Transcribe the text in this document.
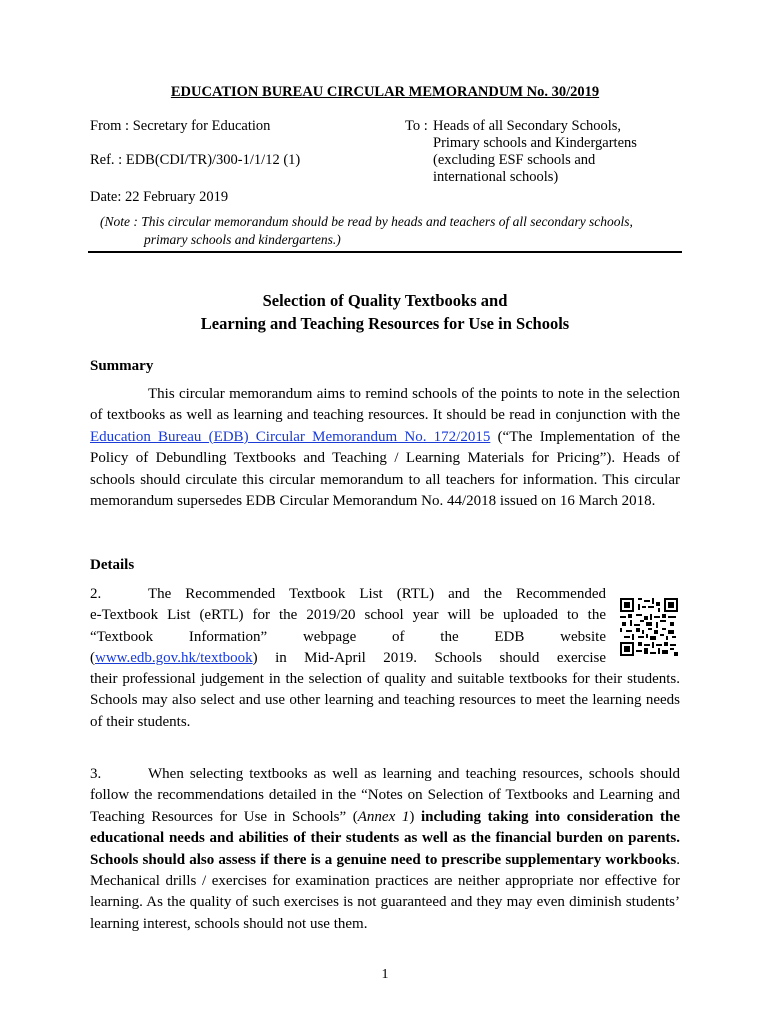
EDUCATION BUREAU CIRCULAR MEMORANDUM No. 30/2019
From : Secretary for Education
Ref. : EDB(CDI/TR)/300-1/1/12 (1)
Date: 22 February 2019
To : Heads of all Secondary Schools,
Primary schools and Kindergartens
(excluding ESF schools and
international schools)
(Note : This circular memorandum should be read by heads and teachers of all secondary schools,
primary schools and kindergartens.)
Selection of Quality Textbooks and
Learning and Teaching Resources for Use in Schools
Summary
This circular memorandum aims to remind schools of the points to note in the selection of textbooks as well as learning and teaching resources. It should be read in conjunction with the Education Bureau (EDB) Circular Memorandum No. 172/2015 (“The Implementation of the Policy of Debundling Textbooks and Teaching / Learning Materials for Pricing”). Heads of schools should circulate this circular memorandum to all teachers for information. This circular memorandum supersedes EDB Circular Memorandum No. 44/2018 issued on 16 March 2018.
Details
2.	The Recommended Textbook List (RTL) and the Recommended
e-Textbook List (eRTL) for the 2019/20 school year will be uploaded to the
“Textbook Information” webpage of the EDB website
(www.edb.gov.hk/textbook) in Mid-April 2019. Schools should exercise
their professional judgement in the selection of quality and suitable textbooks for their students. Schools may also select and use other learning and teaching resources to meet the learning needs of their students.
3.	When selecting textbooks as well as learning and teaching resources, schools should follow the recommendations detailed in the “Notes on Selection of Textbooks and Learning and Teaching Resources for Use in Schools” (Annex 1) including taking into consideration the educational needs and abilities of their students as well as the financial burden on parents. Schools should also assess if there is a genuine need to prescribe supplementary workbooks. Mechanical drills / exercises for examination practices are neither appropriate nor effective for learning. As the quality of such exercises is not guaranteed and they may even diminish students’ learning interest, schools should not use them.
1
